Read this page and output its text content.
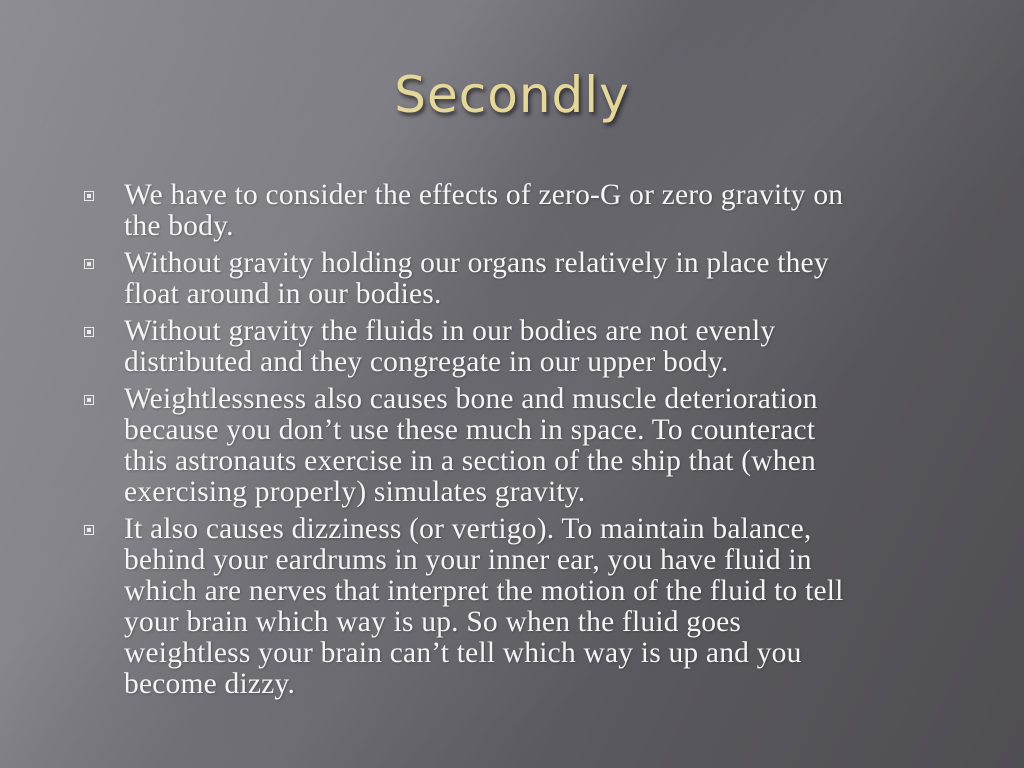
Secondly
We have to consider the effects of zero-G or zero gravity on
the body.
Without gravity holding our organs relatively in place they
float around in our bodies.
Without gravity the fluids in our bodies are not evenly
distributed and they congregate in our upper body.
Weightlessness also causes bone and muscle deterioration
because you don’t use these much in space. To counteract
this astronauts exercise in a section of the ship that (when
exercising properly) simulates gravity.
It also causes dizziness (or vertigo). To maintain balance,
behind your eardrums in your inner ear, you have fluid in
which are nerves that interpret the motion of the fluid to tell
your brain which way is up. So when the fluid goes
weightless your brain can’t tell which way is up and you
become dizzy.
